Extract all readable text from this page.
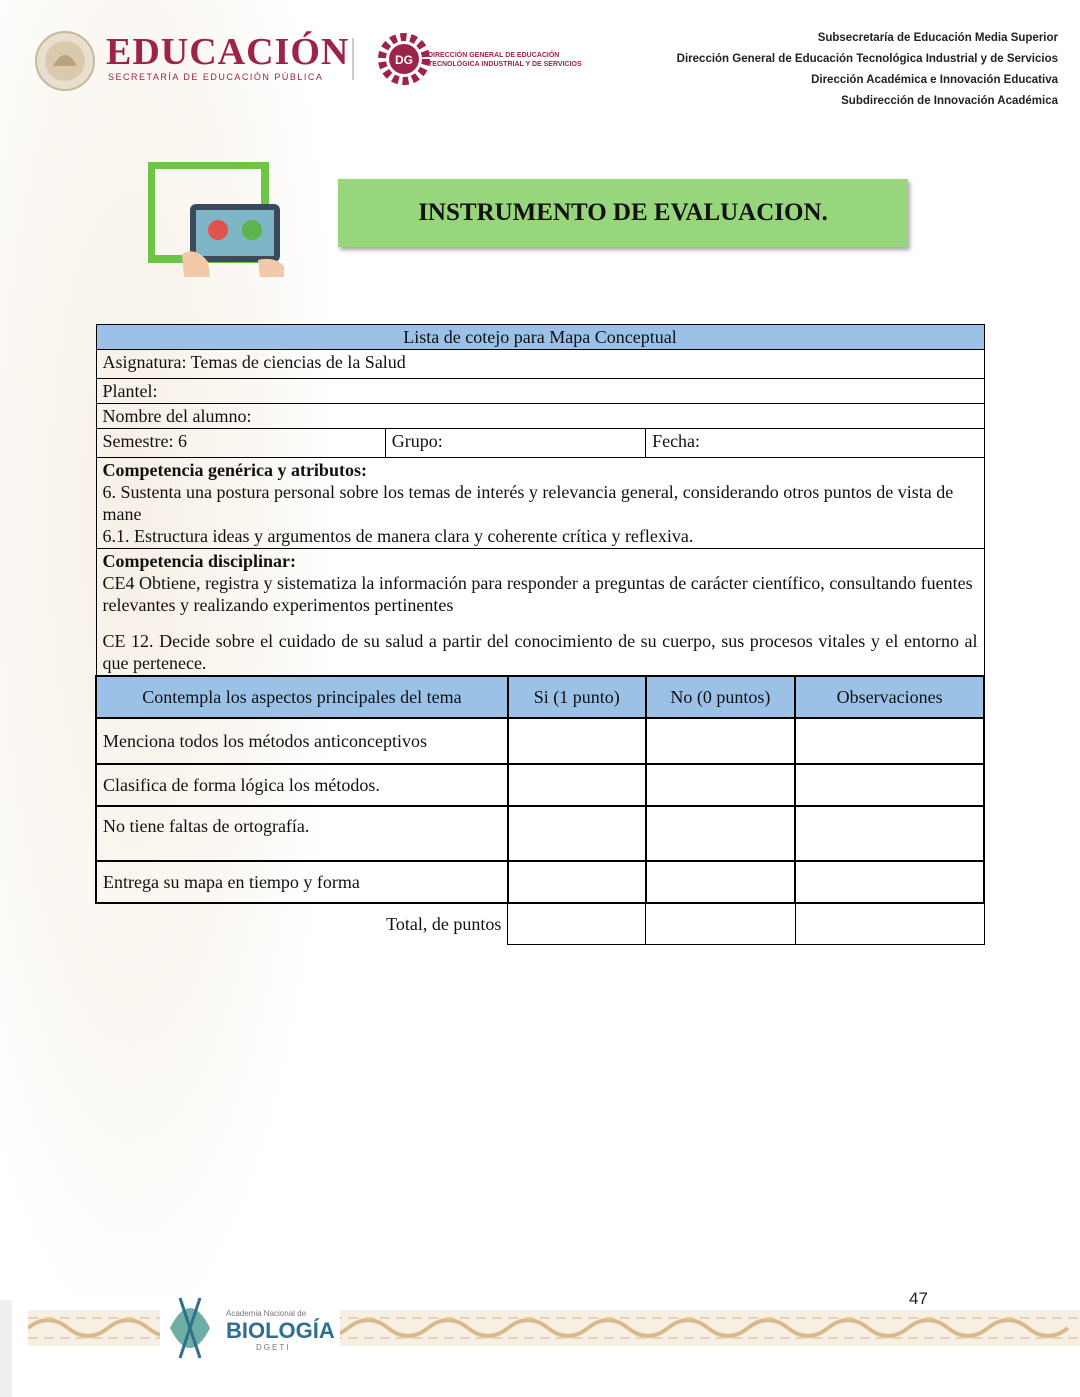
EDUCACIÓN
SECRETARÍA DE EDUCACIÓN PÚBLICA
DG DIRECCIÓN GENERAL DE EDUCACIÓN
TECNOLÓGICA INDUSTRIAL Y DE SERVICIOS
Subsecretaría de Educación Media Superior
Dirección General de Educación Tecnológica Industrial y de Servicios
Dirección Académica e Innovación Educativa
Subdirección de Innovación Académica
INSTRUMENTO DE EVALUACION.
Lista de cotejo para Mapa Conceptual				
Asignatura: Temas de ciencias de la Salud				
Plantel:				
Nombre del alumno:				
Semestre: 6	Grupo:		Fecha:	

Competencia genérica y atributos:
6. Sustenta una postura personal sobre los temas de interés y relevancia general, considerando otros puntos de vista de mane
6.1. Estructura ideas y argumentos de manera clara y coherente crítica y reflexiva.				

Competencia disciplinar:
CE4 Obtiene, registra y sistematiza la información para responder a preguntas de carácter científico, consultando fuentes relevantes y realizando experimentos pertinentes
CE 12. Decide sobre el cuidado de su salud a partir del conocimiento de su cuerpo, sus procesos vitales y el entorno al que pertenece.				

Contempla los aspectos principales del tema		Si (1 punto)	No (0 puntos)	Observaciones
Menciona todos los métodos anticonceptivos				
Clasifica de forma lógica los métodos.				
No tiene faltas de ortografía.				
Entrega su mapa en tiempo y forma				
Total, de puntos				
47
Academia Nacional de
BIOLOGÍA
DGETI
